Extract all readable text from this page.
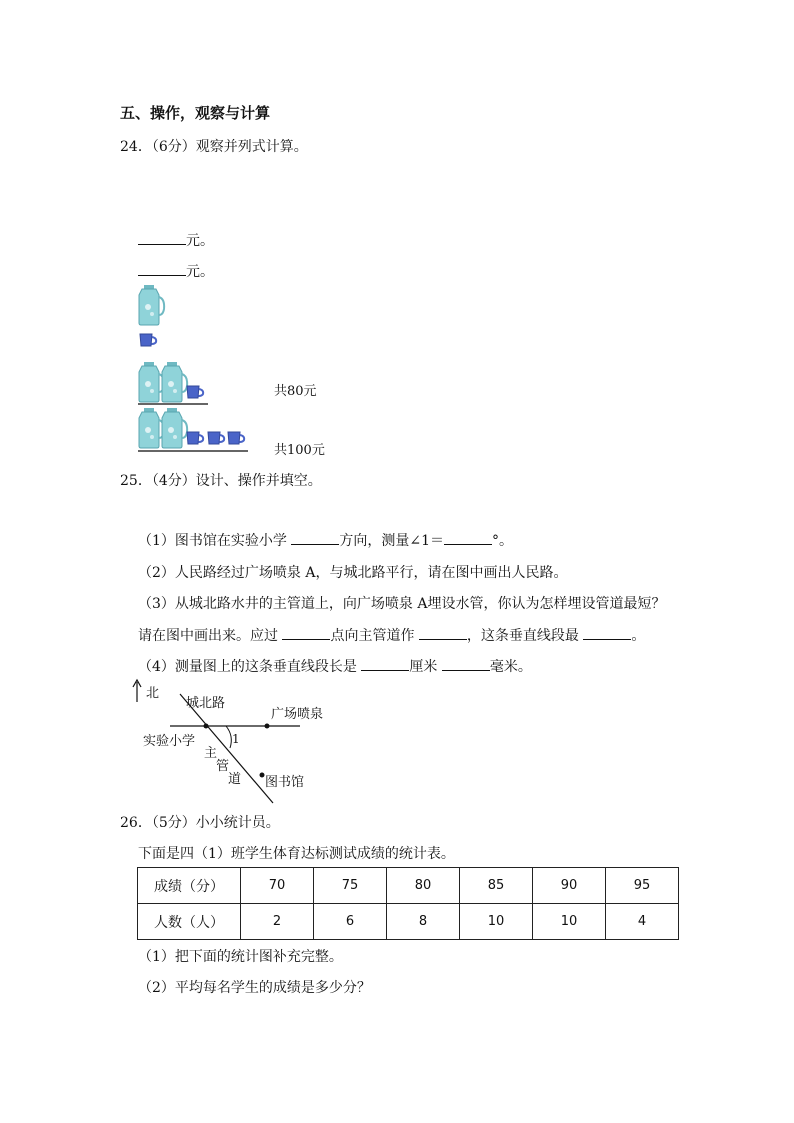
五、操作，观察与计算
24．（6分）观察并列式计算。
元。
元。
共80元
共100元
25．（4分）设计、操作并填空。
（1）图书馆在实验小学	方向，测量∠1＝	°。
（2）人民路经过广场喷泉 A，与城北路平行，请在图中画出人民路。
（3）从城北路水井的主管道上，向广场喷泉 A埋设水管，你认为怎样埋设管道最短？
请在图中画出来。应过	点向主管道作	，这条垂直线段最	。
（4）测量图上的这条垂直线段长是	厘米	毫米。
北
城北路
广场喷泉
实验小学	1
主
管
道 图书馆
26．（5分）小小统计员。
下面是四（1）班学生体育达标测试成绩的统计表。
成绩（分）	70	75	80	85	90	95
人数（人）	2	6	8	10	10	4
（1）把下面的统计图补充完整。
（2）平均每名学生的成绩是多少分？
